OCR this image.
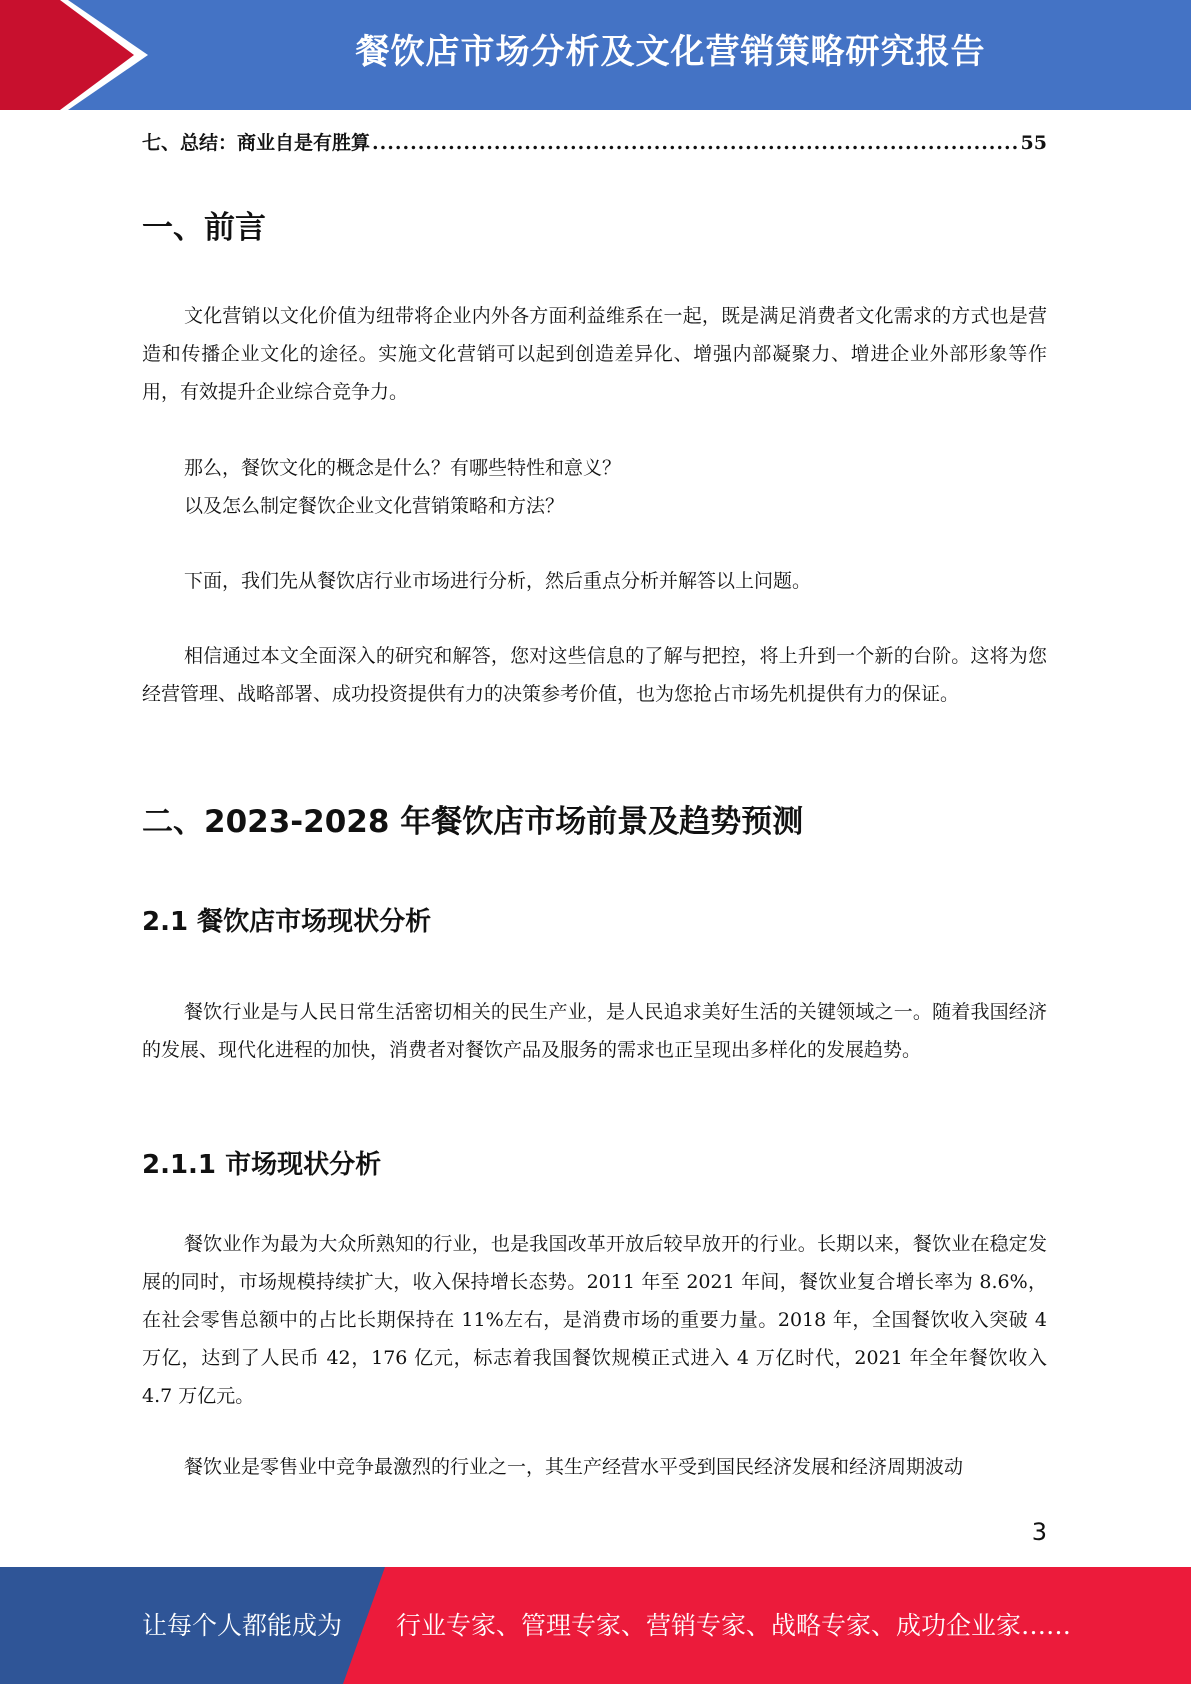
餐饮店市场分析及文化营销策略研究报告
七、总结：商业自是有胜算
.....	55
一、前言

文化营销以文化价值为纽带将企业内外各方面利益维系在一起，既是满足消费者文化需求的方式也是营造和传播企业文化的途径。实施文化营销可以起到创造差异化、增强内部凝聚力、增进企业外部形象等作用，有效提升企业综合竞争力。

那么，餐饮文化的概念是什么？有哪些特性和意义？

以及怎么制定餐饮企业文化营销策略和方法？

下面，我们先从餐饮店行业市场进行分析，然后重点分析并解答以上问题。

相信通过本文全面深入的研究和解答，您对这些信息的了解与把控，将上升到一个新的台阶。这将为您经营管理、战略部署、成功投资提供有力的决策参考价值，也为您抢占市场先机提供有力的保证。

二、2023-2028 年餐饮店市场前景及趋势预测
2.1 餐饮店市场现状分析

餐饮行业是与人民日常生活密切相关的民生产业，是人民追求美好生活的关键领域之一。随着我国经济的发展、现代化进程的加快，消费者对餐饮产品及服务的需求也正呈现出多样化的发展趋势。

2.1.1 市场现状分析

餐饮业作为最为大众所熟知的行业，也是我国改革开放后较早放开的行业。长期以来，餐饮业在稳定发展的同时，市场规模持续扩大，收入保持增长态势。2011 年至 2021 年间，餐饮业复合增长率为 8.6%，在社会零售总额中的占比长期保持在 11%左右，是消费市场的重要力量。2018 年，全国餐饮收入突破 4 万亿，达到了人民币 42，176 亿元，标志着我国餐饮规模正式进入 4 万亿时代，2021 年全年餐饮收入 4.7 万亿元。

餐饮业是零售业中竞争最激烈的行业之一，其生产经营水平受到国民经济发展和经济周期波动

3
让每个人都能成为 行业专家、管理专家、营销专家、战略专家、成功企业家……
